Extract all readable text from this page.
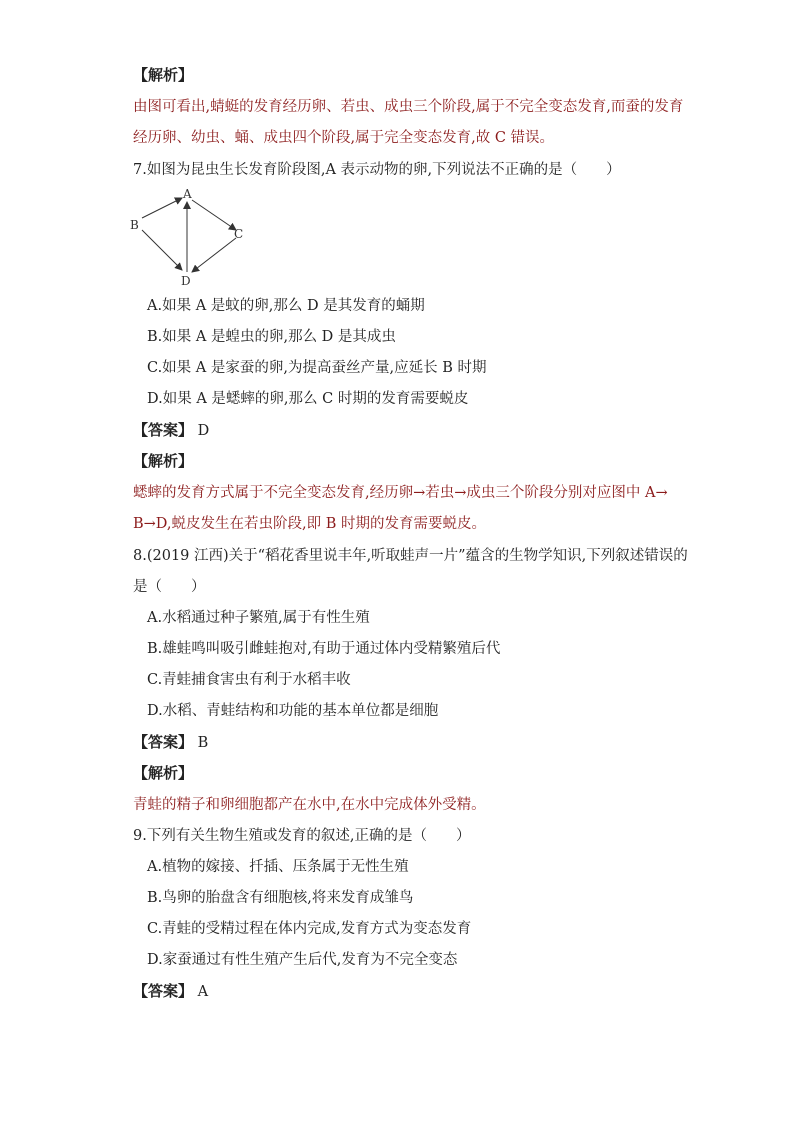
【解析】
由图可看出,蜻蜓的发育经历卵、若虫、成虫三个阶段,属于不完全变态发育,而蚕的发育
经历卵、幼虫、蛹、成虫四个阶段,属于完全变态发育,故 C 错误。
7.如图为昆虫生长发育阶段图,A 表示动物的卵,下列说法不正确的是（　　）
A
B
C
D
A.如果 A 是蚊的卵,那么 D 是其发育的蛹期
B.如果 A 是蝗虫的卵,那么 D 是其成虫
C.如果 A 是家蚕的卵,为提高蚕丝产量,应延长 B 时期
D.如果 A 是蟋蟀的卵,那么 C 时期的发育需要蜕皮
【答案】 D
【解析】
蟋蟀的发育方式属于不完全变态发育,经历卵→若虫→成虫三个阶段分别对应图中 A→
B→D,蜕皮发生在若虫阶段,即 B 时期的发育需要蜕皮。
8.(2019 江西)关于“稻花香里说丰年,听取蛙声一片”蕴含的生物学知识,下列叙述错误的
是（　　）
A.水稻通过种子繁殖,属于有性生殖
B.雄蛙鸣叫吸引雌蛙抱对,有助于通过体内受精繁殖后代
C.青蛙捕食害虫有利于水稻丰收
D.水稻、青蛙结构和功能的基本单位都是细胞
【答案】 B
【解析】
青蛙的精子和卵细胞都产在水中,在水中完成体外受精。
9.下列有关生物生殖或发育的叙述,正确的是（　　）
A.植物的嫁接、扦插、压条属于无性生殖
B.鸟卵的胎盘含有细胞核,将来发育成雏鸟
C.青蛙的受精过程在体内完成,发育方式为变态发育
D.家蚕通过有性生殖产生后代,发育为不完全变态
【答案】 A
